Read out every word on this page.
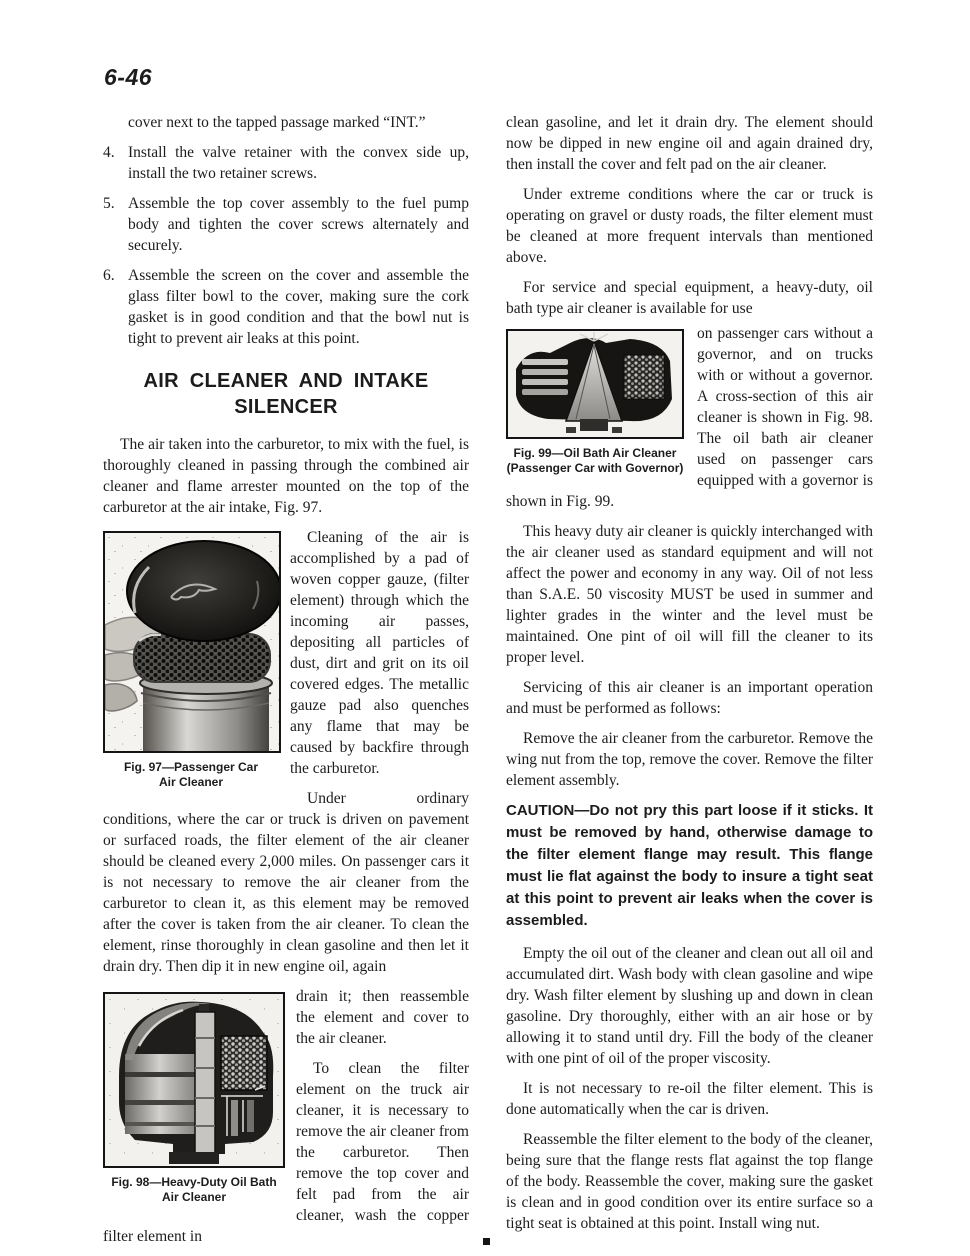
6-46

cover next to the tapped passage marked “INT.”

4. Install the valve retainer with the convex side up, install the two retainer screws.
5. Assemble the top cover assembly to the fuel pump body and tighten the cover screws alternately and securely.
6. Assemble the screen on the cover and assemble the glass filter bowl to the cover, making sure the cork gasket is in good condition and that the bowl nut is tight to prevent air leaks at this point.
AIR CLEANER AND INTAKE SILENCER

The air taken into the carburetor, to mix with the fuel, is thoroughly cleaned in passing through the combined air cleaner and flame arrester mounted on the top of the carburetor at the air intake, Fig. 97.

Fig. 97—Passenger Car
Air Cleaner

Cleaning of the air is accomplished by a pad of woven copper gauze, (filter element) through which the incoming air passes, depositing all particles of dust, dirt and grit on its oil covered edges. The metallic gauze pad also quenches any flame that may be caused by backfire through the carburetor.

Under ordinary conditions, where the car or truck is driven on pavement or surfaced roads, the filter element of the air cleaner should be cleaned every 2,000 miles. On passenger cars it is not necessary to remove the air cleaner from the carburetor to clean it, as this element may be removed after the cover is taken from the air cleaner. To clean the element, rinse thoroughly in clean gasoline and then let it drain dry. Then dip it in new engine oil, again

Fig. 98—Heavy-Duty Oil Bath
Air Cleaner

drain it; then reassemble the element and cover to the air cleaner.

To clean the filter element on the truck air cleaner, it is necessary to remove the air cleaner from the carburetor. Then remove the top cover and felt pad from the air cleaner, wash the copper filter element in

clean gasoline, and let it drain dry. The element should now be dipped in new engine oil and again drained dry, then install the cover and felt pad on the air cleaner.

Under extreme conditions where the car or truck is operating on gravel or dusty roads, the filter element must be cleaned at more frequent intervals than mentioned above.

For service and special equipment, a heavy-duty, oil bath type air cleaner is available for use

Fig. 99—Oil Bath Air Cleaner
(Passenger Car with Governor)

on passenger cars without a governor, and on trucks with or without a governor. A cross-section of this air cleaner is shown in Fig. 98. The oil bath air cleaner used on passenger cars equipped with a governor is shown in Fig. 99.

This heavy duty air cleaner is quickly interchanged with the air cleaner used as standard equipment and will not affect the power and economy in any way. Oil of not less than S.A.E. 50 viscosity MUST be used in summer and lighter grades in the winter and the level must be maintained. One pint of oil will fill the cleaner to its proper level.

Servicing of this air cleaner is an important operation and must be performed as follows:

Remove the air cleaner from the carburetor. Remove the wing nut from the top, remove the cover. Remove the filter element assembly.

CAUTION—Do not pry this part loose if it sticks. It must be removed by hand, otherwise damage to the filter element flange may result. This flange must lie flat against the body to insure a tight seat at this point to prevent air leaks when the cover is assembled.

Empty the oil out of the cleaner and clean out all oil and accumulated dirt. Wash body with clean gasoline and wipe dry. Wash filter element by slushing up and down in clean gasoline. Dry thoroughly, either with an air hose or by allowing it to stand until dry. Fill the body of the cleaner with one pint of oil of the proper viscosity.

It is not necessary to re-oil the filter element. This is done automatically when the car is driven.

Reassemble the filter element to the body of the cleaner, being sure that the flange rests flat against the top flange of the body. Reassemble the cover, making sure the gasket is clean and in good condition over its entire surface so a tight seat is obtained at this point. Install wing nut.
